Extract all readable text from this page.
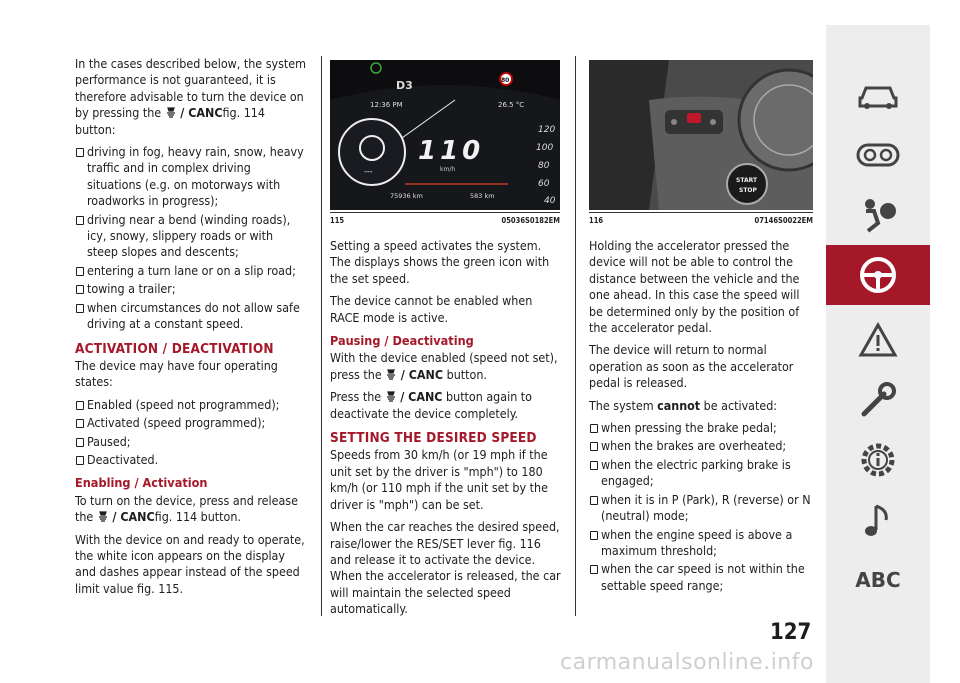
In the cases described below, the system performance is not guaranteed, it is therefore advisable to turn the device on by pressing the / CANCfig. 114 button:

driving in fog, heavy rain, snow, heavy traffic and in complex driving situations (e.g. on motorways with roadworks in progress);
driving near a bend (winding roads), icy, snowy, slippery roads or with steep slopes and descents;
entering a turn lane or on a slip road;
towing a trailer;
when circumstances do not allow safe driving at a constant speed.
ACTIVATION / DEACTIVATION

The device may have four operating states:

Enabled (speed not programmed);
Activated (speed programmed);
Paused;
Deactivated.
Enabling / Activation

To turn on the device, press and release the / CANCfig. 114 button.

With the device on and ready to operate, the white icon appears on the display and dashes appear instead of the speed limit value fig. 115.

D3
12:36 PM	26.5 °C
80
---
110
km/h
75936 km	583 km
120
100
80
60
40
115	05036S0182EM

Setting a speed activates the system. The displays shows the green icon with the set speed.

The device cannot be enabled when RACE mode is active.

Pausing / Deactivating

With the device enabled (speed not set), press the / CANC button.

Press the / CANC button again to deactivate the device completely.

SETTING THE DESIRED SPEED

Speeds from 30 km/h (or 19 mph if the unit set by the driver is "mph") to 180 km/h (or 110 mph if the unit set by the driver is "mph") can be set.

When the car reaches the desired speed, raise/lower the RES/SET lever fig. 116 and release it to activate the device. When the accelerator is released, the car will maintain the selected speed automatically.

START
STOP
116	07146S0022EM

Holding the accelerator pressed the device will not be able to control the distance between the vehicle and the one ahead. In this case the speed will be determined only by the position of the accelerator pedal.

The device will return to normal operation as soon as the accelerator pedal is released.

The system cannot be activated:

when pressing the brake pedal;
when the brakes are overheated;
when the electric parking brake is engaged;
when it is in P (Park), R (reverse) or N (neutral) mode;
when the engine speed is above a maximum threshold;
when the car speed is not within the settable speed range;
127
ABC
carmanualsonline.info
